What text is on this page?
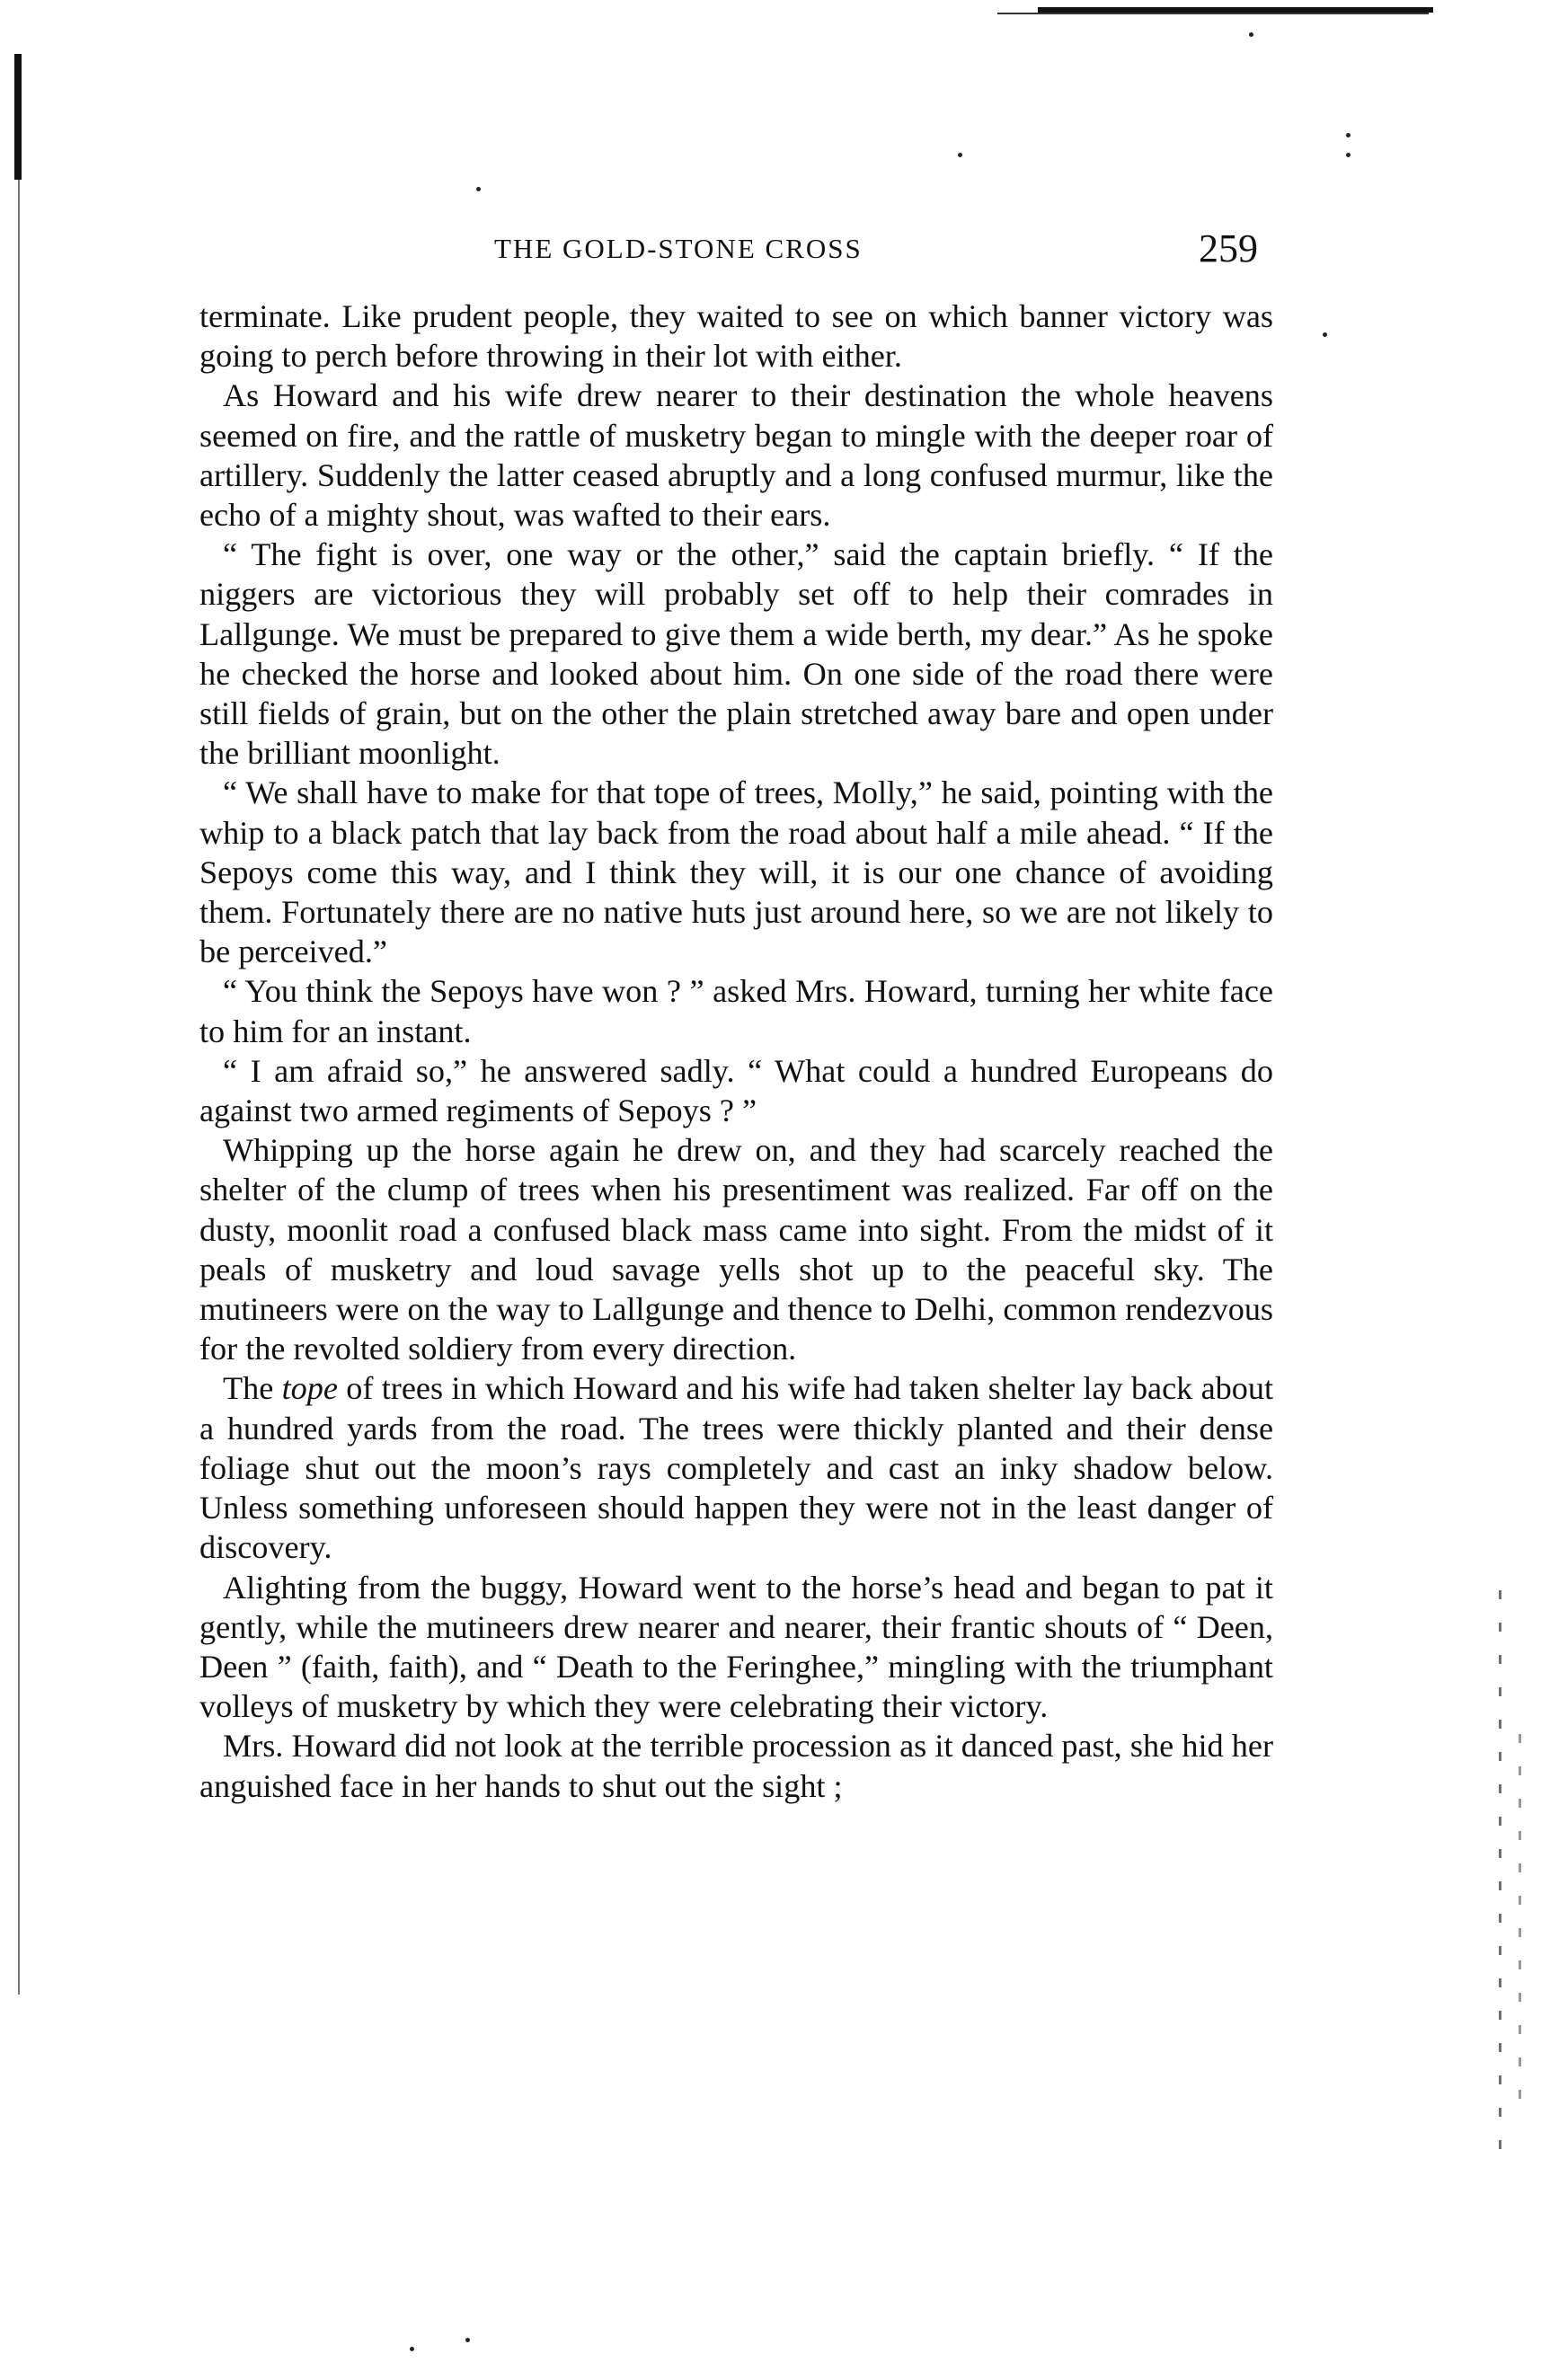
THE GOLD-STONE CROSS	259

terminate. Like prudent people, they waited to see on which banner victory was going to perch before throwing in their lot with either.

As Howard and his wife drew nearer to their destination the whole heavens seemed on fire, and the rattle of musketry began to mingle with the deeper roar of artillery. Suddenly the latter ceased abruptly and a long confused murmur, like the echo of a mighty shout, was wafted to their ears.

“ The fight is over, one way or the other,” said the captain briefly. “ If the niggers are victorious they will probably set off to help their comrades in Lallgunge. We must be prepared to give them a wide berth, my dear.” As he spoke he checked the horse and looked about him. On one side of the road there were still fields of grain, but on the other the plain stretched away bare and open under the brilliant moonlight.

“ We shall have to make for that tope of trees, Molly,” he said, pointing with the whip to a black patch that lay back from the road about half a mile ahead. “ If the Sepoys come this way, and I think they will, it is our one chance of avoiding them. Fortunately there are no native huts just around here, so we are not likely to be perceived.”

“ You think the Sepoys have won ? ” asked Mrs. Howard, turning her white face to him for an instant.

“ I am afraid so,” he answered sadly. “ What could a hundred Europeans do against two armed regiments of Sepoys ? ”

Whipping up the horse again he drew on, and they had scarcely reached the shelter of the clump of trees when his presentiment was realized. Far off on the dusty, moonlit road a confused black mass came into sight. From the midst of it peals of musketry and loud savage yells shot up to the peaceful sky. The mutineers were on the way to Lallgunge and thence to Delhi, common rendezvous for the revolted soldiery from every direction.

The tope of trees in which Howard and his wife had taken shelter lay back about a hundred yards from the road. The trees were thickly planted and their dense foliage shut out the moon’s rays completely and cast an inky shadow below. Unless something unforeseen should happen they were not in the least danger of discovery.

Alighting from the buggy, Howard went to the horse’s head and began to pat it gently, while the mutineers drew nearer and nearer, their frantic shouts of “ Deen, Deen ” (faith, faith), and “ Death to the Feringhee,” mingling with the triumphant volleys of musketry by which they were celebrating their victory.

Mrs. Howard did not look at the terrible procession as it danced past, she hid her anguished face in her hands to shut out the sight ;
